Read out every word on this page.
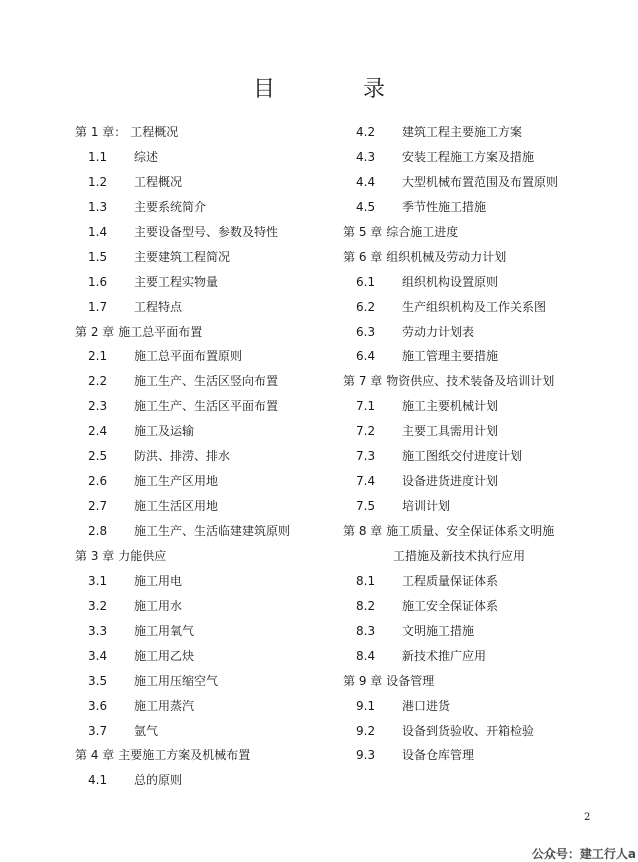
目录
第 1 章： 工程概况
1.1	综述
1.2	工程概况
1.3	主要系统简介
1.4	主要设备型号、参数及特性
1.5	主要建筑工程简况
1.6	主要工程实物量
1.7	工程特点
第 2 章 施工总平面布置
2.1	施工总平面布置原则
2.2	施工生产、生活区竖向布置
2.3	施工生产、生活区平面布置
2.4	施工及运输
2.5	防洪、排涝、排水
2.6	施工生产区用地
2.7	施工生活区用地
2.8	施工生产、生活临建建筑原则
第 3 章 力能供应
3.1	施工用电
3.2	施工用水
3.3	施工用氧气
3.4	施工用乙炔
3.5	施工用压缩空气
3.6	施工用蒸汽
3.7	氩气
第 4 章 主要施工方案及机械布置
4.1	总的原则
4.2	建筑工程主要施工方案
4.3	安装工程施工方案及措施
4.4	大型机械布置范围及布置原则
4.5	季节性施工措施
第 5 章 综合施工进度
第 6 章 组织机械及劳动力计划
6.1	组织机构设置原则
6.2	生产组织机构及工作关系图
6.3	劳动力计划表
6.4	施工管理主要措施
第 7 章 物资供应、技术装备及培训计划
7.1	施工主要机械计划
7.2	主要工具需用计划
7.3	施工图纸交付进度计划
7.4	设备进货进度计划
7.5	培训计划
第 8 章 施工质量、安全保证体系文明施
工措施及新技术执行应用
8.1	工程质量保证体系
8.2	施工安全保证体系
8.3	文明施工措施
8.4	新技术推广应用
第 9 章 设备管理
9.1	港口进货
9.2	设备到货验收、开箱检验
9.3	设备仓库管理
2
公众号：建工行人a
